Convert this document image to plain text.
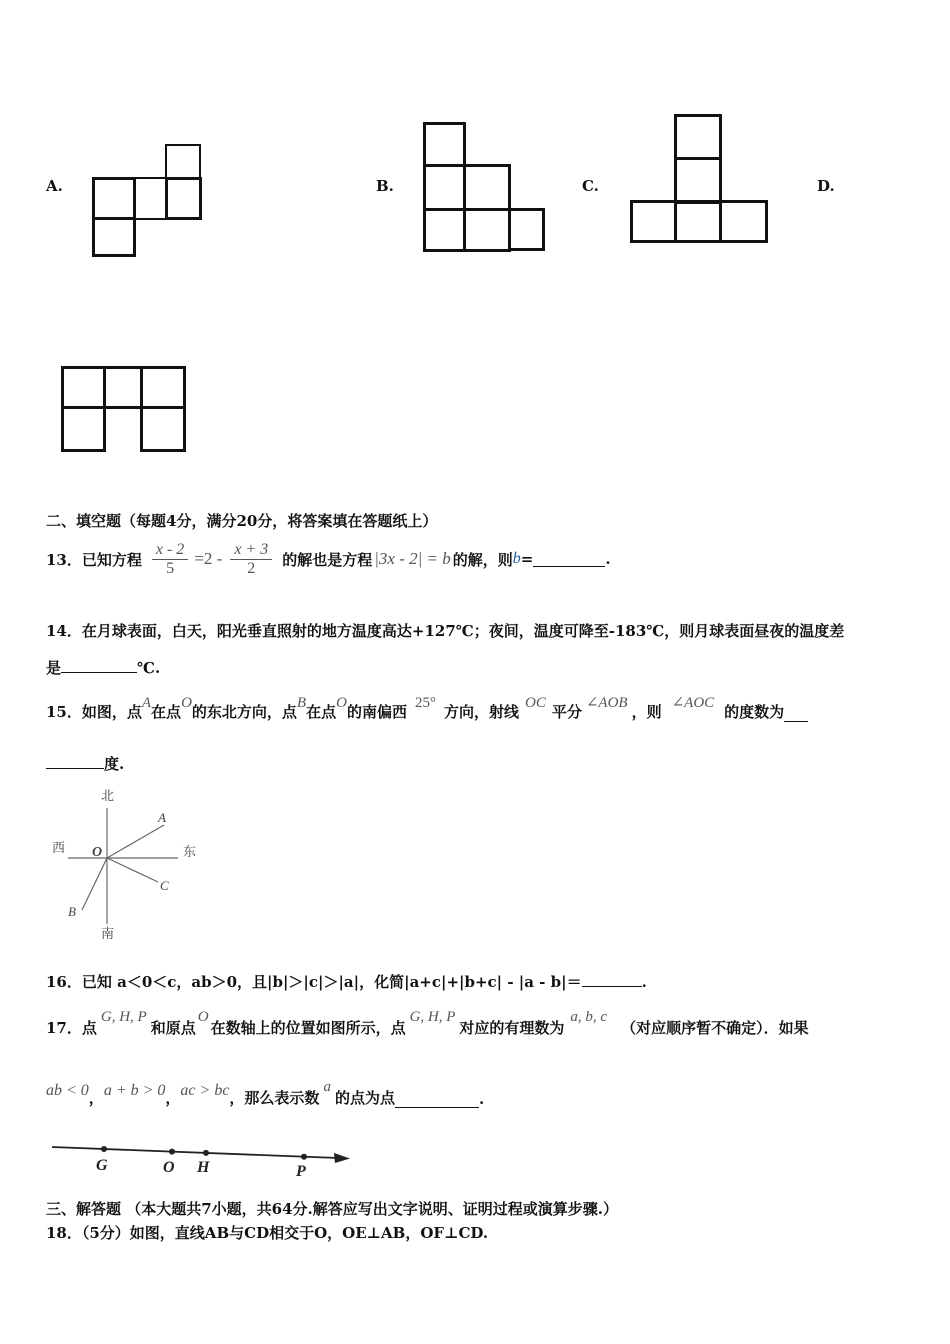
A.	B.	C.	D.
二、填空题（每题4分，满分20分，将答案填在答题纸上）
13．已知方程 $\frac{x - 2}{5} =2 - \frac{x + 3}{2}$ 的解也是方程 |3x - 2| = b 的解，则 b =	.
14．在月球表面，白天，阳光垂直照射的地方温度高达+127℃；夜间，温度可降至-183℃，则月球表面昼夜的温度差
是	℃.
15．如图，点 A 在点 O 的东北方向，点 B 在点 O 的南偏西 25° 方向，射线 OC 平分 ∠AOB ，则 ∠AOC 的度数为
度.
北
南
西	东
O
A
C
B
16．已知 a＜0＜c，ab＞0，且|b|＞|c|＞|a|，化简|a+c|+|b+c| - |a - b|＝	.
17．点
G, H, P
和原点
O
在数轴上的位置如图所示，点
G, H, P
对应的有理数为
a, b, c
（对应顺序暂不确定）．如果
ab < 0 ， a + b > 0 ， ac > bc ，那么表示数
a
的点为点	.
G	O H	P
三、解答题 （本大题共7小题，共64分.解答应写出文字说明、证明过程或演算步骤.）
18．（5分）如图，直线AB与CD相交于O，OE⊥AB，OF⊥CD.
